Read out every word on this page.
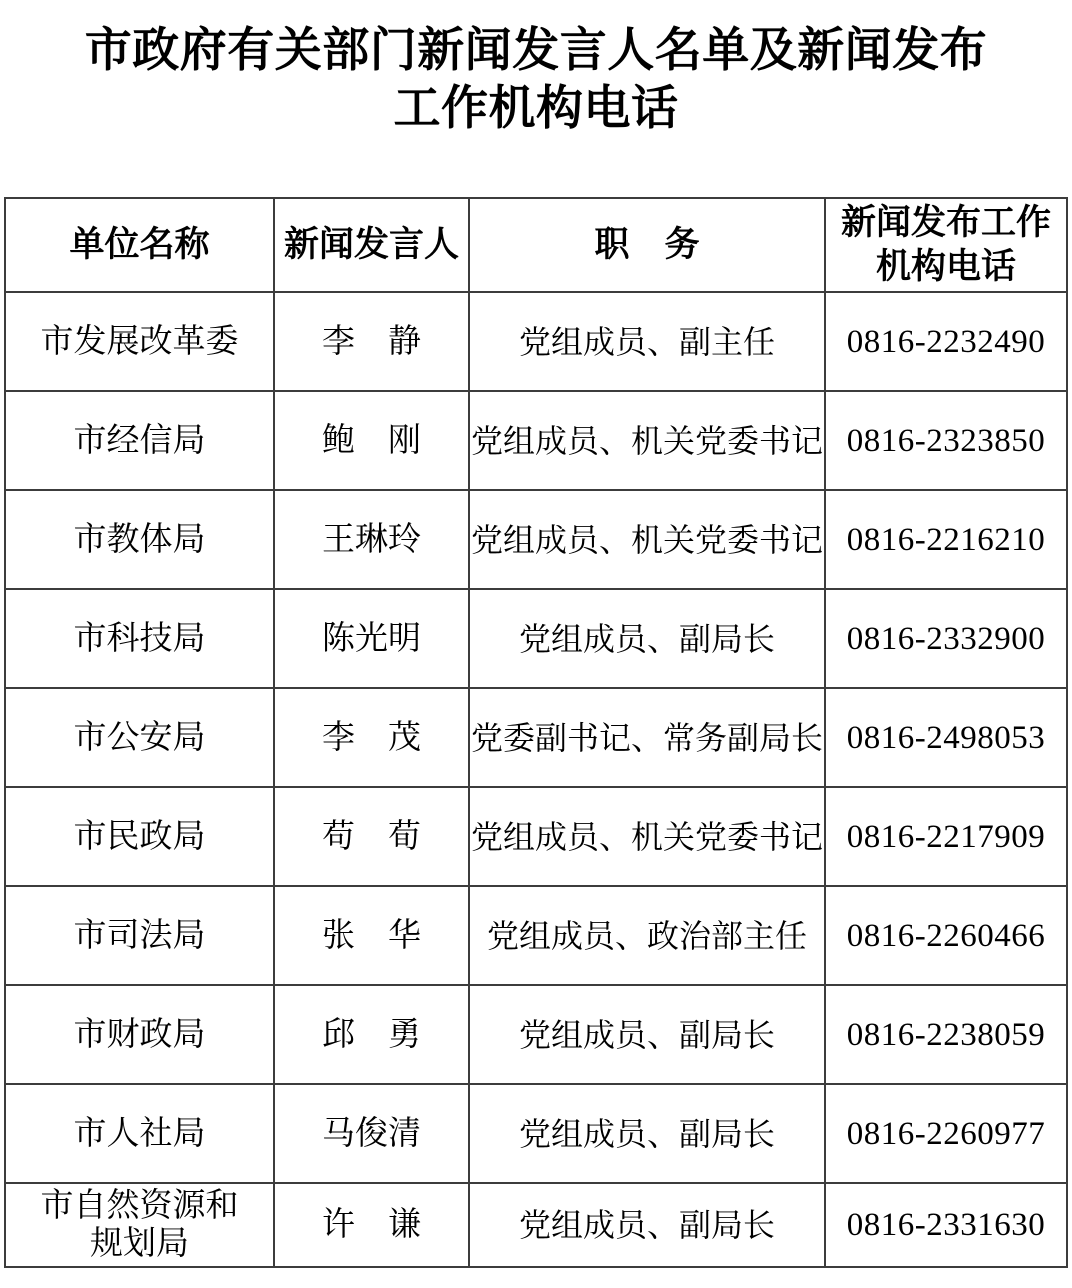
市政府有关部门新闻发言人名单及新闻发布
工作机构电话
单位名称	新闻发言人	职　务	新闻发布工作机构电话
市发展改革委	李　静	党组成员、副主任	0816-2232490
市经信局	鲍　刚	党组成员、机关党委书记	0816-2323850
市教体局	王琳玲	党组成员、机关党委书记	0816-2216210
市科技局	陈光明	党组成员、副局长	0816-2332900
市公安局	李　茂	党委副书记、常务副局长	0816-2498053
市民政局	苟　荀	党组成员、机关党委书记	0816-2217909
市司法局	张　华	党组成员、政治部主任	0816-2260466
市财政局	邱　勇	党组成员、副局长	0816-2238059
市人社局	马俊清	党组成员、副局长	0816-2260977
市自然资源和规划局	许　谦	党组成员、副局长	0816-2331630
